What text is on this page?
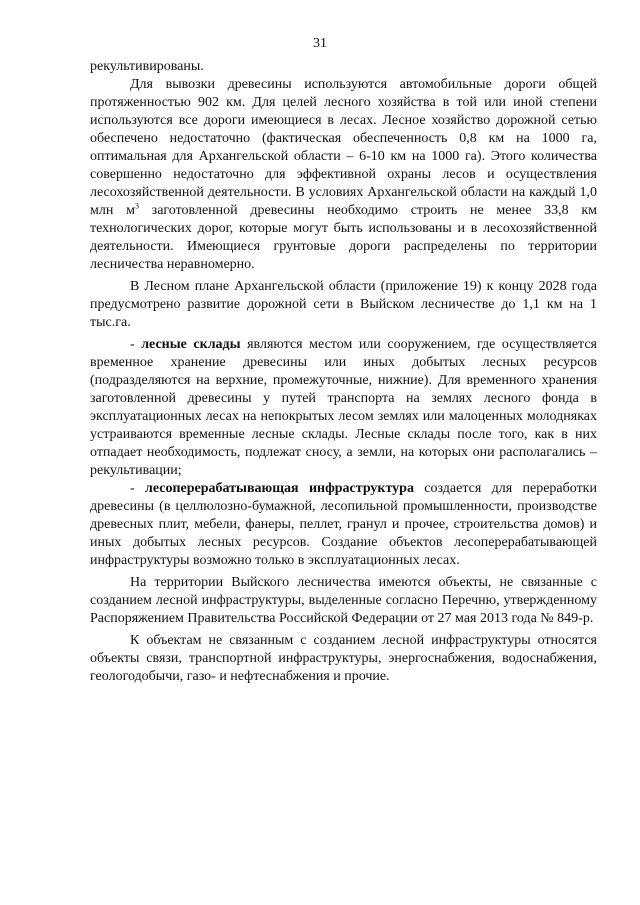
31

рекультивированы.

Для вывозки древесины используются автомобильные дороги общей протяженностью 902 км. Для целей лесного хозяйства в той или иной степени используются все дороги имеющиеся в лесах. Лесное хозяйство дорожной сетью обеспечено недостаточно (фактическая обеспеченность 0,8 км на 1000 га, оптимальная для Архангельской области – 6-10 км на 1000 га). Этого количества совершенно недостаточно для эффективной охраны лесов и осуществления лесохозяйственной деятельности. В условиях Архангельской области на каждый 1,0 млн $м^3$ заготовленной древесины необходимо строить не менее 33,8 км технологических дорог, которые могут быть использованы и в лесохозяйственной деятельности. Имеющиеся грунтовые дороги распределены по территории лесничества неравномерно.

В Лесном плане Архангельской области (приложение 19) к концу 2028 года предусмотрено развитие дорожной сети в Выйском лесничестве до 1,1 км на 1 тыс.га.

- лесные склады являются местом или сооружением, где осуществляется временное хранение древесины или иных добытых лесных ресурсов (подразделяются на верхние, промежуточные, нижние). Для временного хранения заготовленной древесины у путей транспорта на землях лесного фонда в эксплуатационных лесах на непокрытых лесом землях или малоценных молодняках устраиваются временные лесные склады. Лесные склады после того, как в них отпадает необходимость, подлежат сносу, а земли, на которых они располагались – рекультивации;

- лесоперерабатывающая инфраструктура создается для переработки древесины (в целлюлозно-бумажной, лесопильной промышленности, производстве древесных плит, мебели, фанеры, пеллет, гранул и прочее, строительства домов) и иных добытых лесных ресурсов. Создание объектов лесоперерабатывающей инфраструктуры возможно только в эксплуатационных лесах.

На территории Выйского лесничества имеются объекты, не связанные с созданием лесной инфраструктуры, выделенные согласно Перечню, утвержденному Распоряжением Правительства Российской Федерации от 27 мая 2013 года № 849-р.

К объектам не связанным с созданием лесной инфраструктуры относятся объекты связи, транспортной инфраструктуры, энергоснабжения, водоснабжения, геологодобычи, газо- и нефтеснабжения и прочие.
